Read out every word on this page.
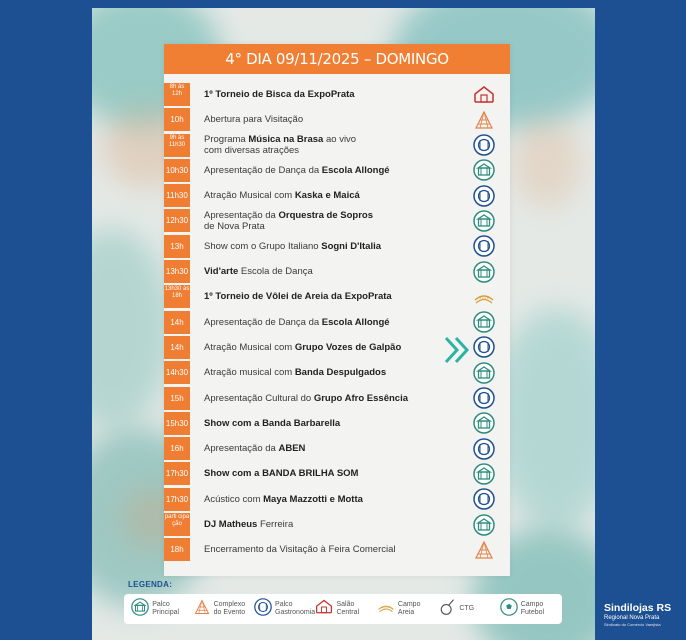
4° DIA 09/11/2025 – DOMINGO
8h às 12h	1º Torneio de Bisca da ExpoPrata
10h	Abertura para Visitação
9h às 11h30	Programa Música na Brasa ao vivo
com diversas atrações
10h30 Apresentação de Dança da Escola Allongé
11h30 Atração Musical com Kaska e Maicá
12h30 Apresentação da Orquestra de Sopros
de Nova Prata
13h	Show com o Grupo Italiano Sogni D'Italia
13h30 Vid'arte Escola de Dança
13h30 às 18h	1º Torneio de Vôlei de Areia da ExpoPrata
14h	Apresentação de Dança da Escola Allongé
14h	Atração Musical com Grupo Vozes de Galpão
14h30 Atração musical com Banda Despulgados
15h	Apresentação Cultural do Grupo Afro Essência
15h30 Show com a Banda Barbarella
16h	Apresentação da ABEN
17h30 Show com a BANDA BRILHA SOM
17h30 Acústico com Maya Mazzotti e Motta
parti cipa ção	DJ Matheus Ferreira
18h	Encerramento da Visitação à Feira Comercial
LEGENDA:
Palco Principal
Complexo do Evento
Palco Gastronomia
Salão Central
Campo Areia
CTG
Campo Futebol	Sindilojas RS
Regional Nova Prata
Sindicato do Comércio Varejista
